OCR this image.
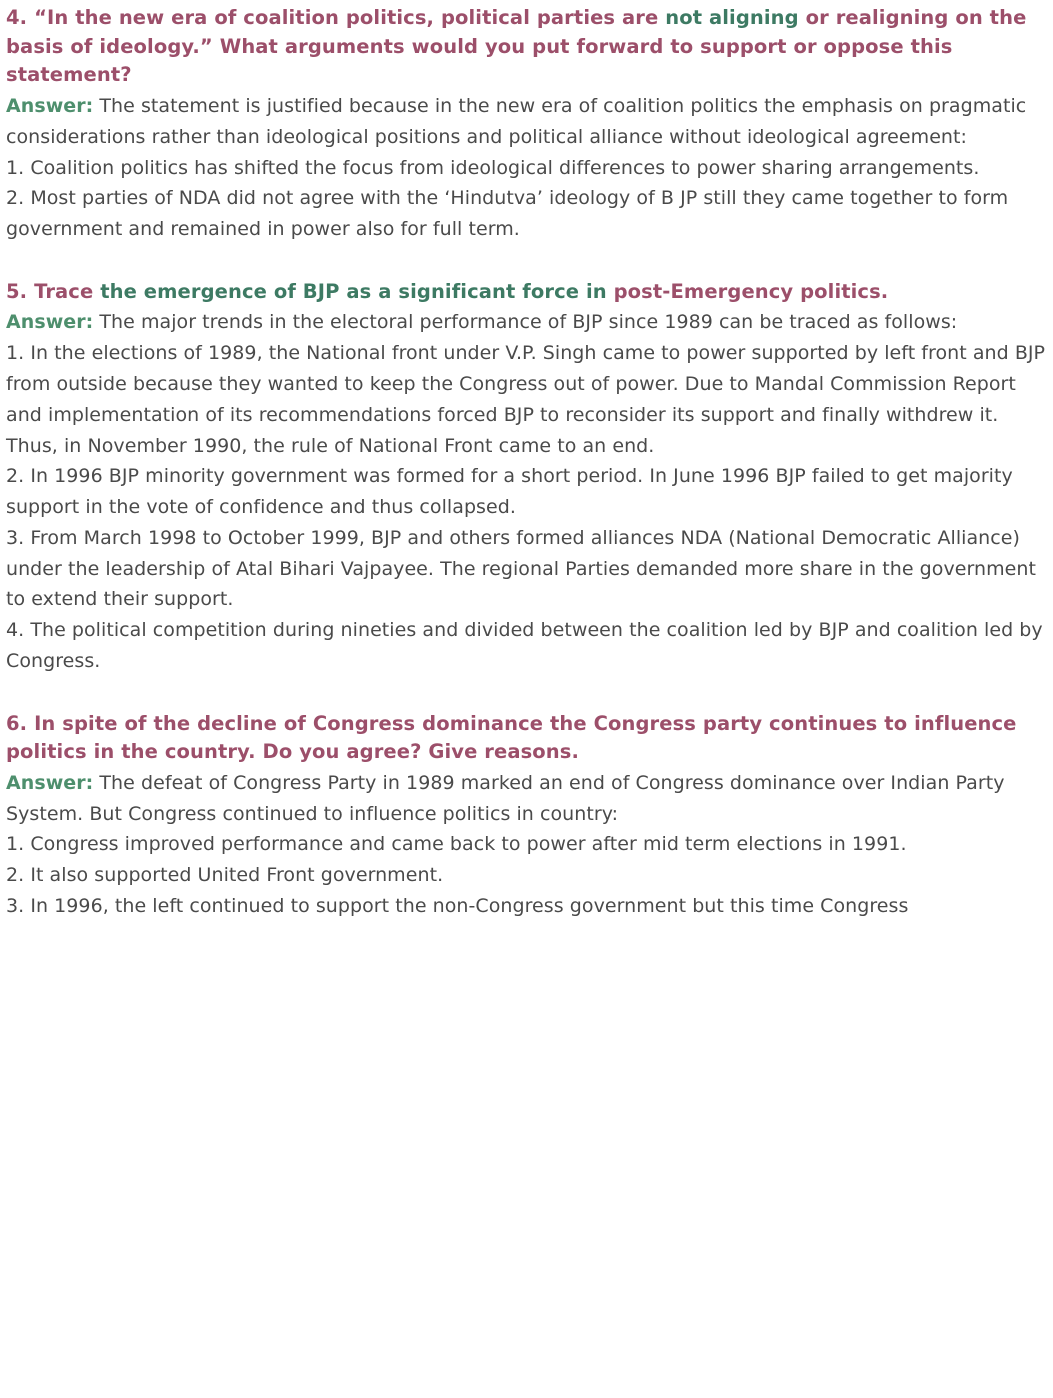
4. “In the new era of coalition politics, political parties are not aligning or realigning on the basis of ideology.” What arguments would you put forward to support or oppose this statement?

Answer: The statement is justified because in the new era of coalition politics the emphasis on pragmatic considerations rather than ideological positions and political alliance without ideological agreement:

1. Coalition politics has shifted the focus from ideological differences to power sharing arrangements.

2. Most parties of NDA did not agree with the ‘Hindutva’ ideology of B JP still they came together to form government and remained in power also for full term.

5. Trace the emergence of BJP as a significant force in post-Emergency politics.

Answer: The major trends in the electoral performance of BJP since 1989 can be traced as follows:

1. In the elections of 1989, the National front under V.P. Singh came to power supported by left front and BJP from outside because they wanted to keep the Congress out of power. Due to Mandal Commission Report and implementation of its recommendations forced BJP to reconsider its support and finally withdrew it. Thus, in November 1990, the rule of National Front came to an end.

2. In 1996 BJP minority government was formed for a short period. In June 1996 BJP failed to get majority support in the vote of confidence and thus collapsed.

3. From March 1998 to October 1999, BJP and others formed alliances NDA (National Democratic Alliance) under the leadership of Atal Bihari Vajpayee. The regional Parties demanded more share in the government to extend their support.

4. The political competition during nineties and divided between the coalition led by BJP and coalition led by Congress.

6. In spite of the decline of Congress dominance the Congress party continues to influence politics in the country. Do you agree? Give reasons.

Answer: The defeat of Congress Party in 1989 marked an end of Congress dominance over Indian Party System. But Congress continued to influence politics in country:

1. Congress improved performance and came back to power after mid term elections in 1991.

2. It also supported United Front government.

3. In 1996, the left continued to support the non-Congress government but this time Congress
